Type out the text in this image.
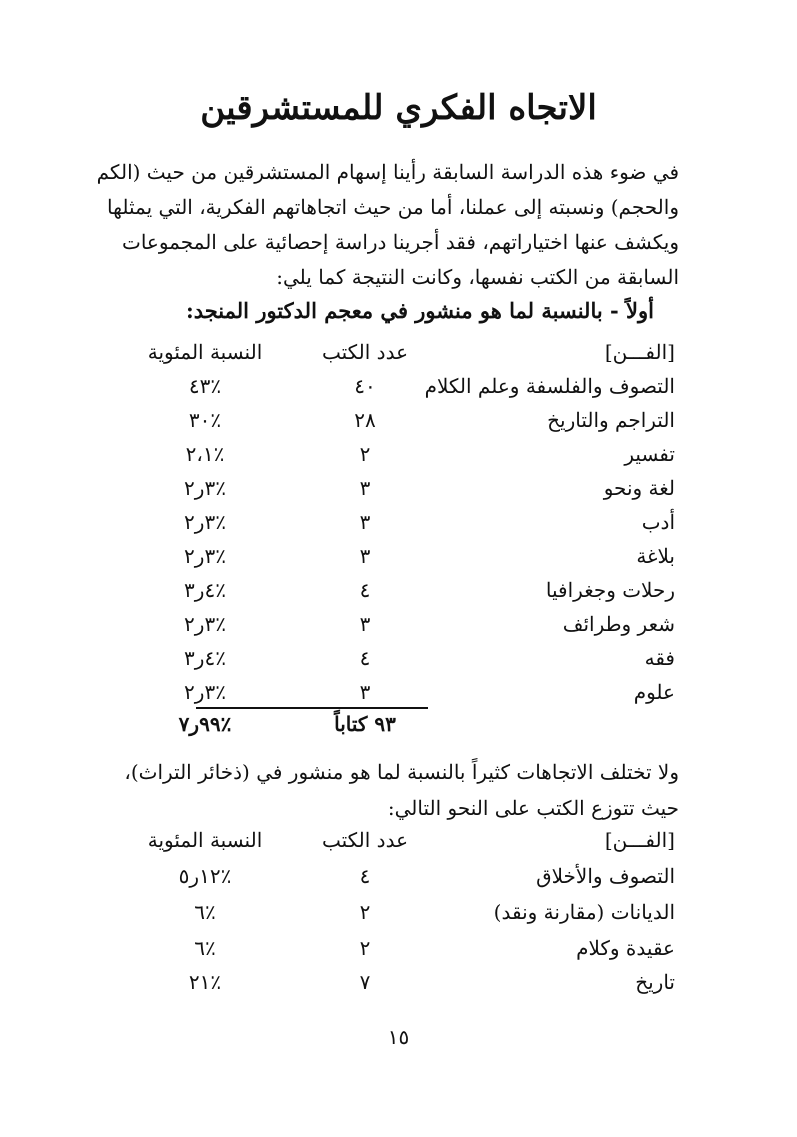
الاتجاه الفكري للمستشرقين
في ضوء هذه الدراسة السابقة رأينا إسهام المستشرقين من حيث (الكم
والحجم) ونسبته إلى عملنا، أما من حيث اتجاهاتهم الفكرية، التي يمثلها
ويكشف عنها اختياراتهم، فقد أجرينا دراسة إحصائية على المجموعات
السابقة من الكتب نفسها، وكانت النتيجة كما يلي:
أولاً - بالنسبة لما هو منشور في معجم الدكتور المنجد:
[الفـــن]
عدد الكتب
النسبة المئوية
التصوف والفلسفة وعلم الكلام
٤٠
٪٤٣
التراجم والتاريخ
٢٨
٪٣٠
تفسير
٢
٪٢،١
لغة ونحو
٣
٪٣ر٢
أدب
٣
٪٣ر٢
بلاغة
٣
٪٣ر٢
رحلات وجغرافيا
٤
٪٤ر٣
شعر وطرائف
٣
٪٣ر٢
فقه
٤
٪٤ر٣
علوم
٣
٪٣ر٢
٩٣ كتاباً
٪٩٩ر٧
ولا تختلف الاتجاهات كثيراً بالنسبة لما هو منشور في (ذخائر التراث)،
حيث تتوزع الكتب على النحو التالي:
[الفـــن]
عدد الكتب
النسبة المئوية
التصوف والأخلاق
٤
٪١٢ر٥
الديانات (مقارنة ونقد)
٢
٪٦
عقيدة وكلام
٢
٪٦
تاريخ
٧
٪٢١
١٥
